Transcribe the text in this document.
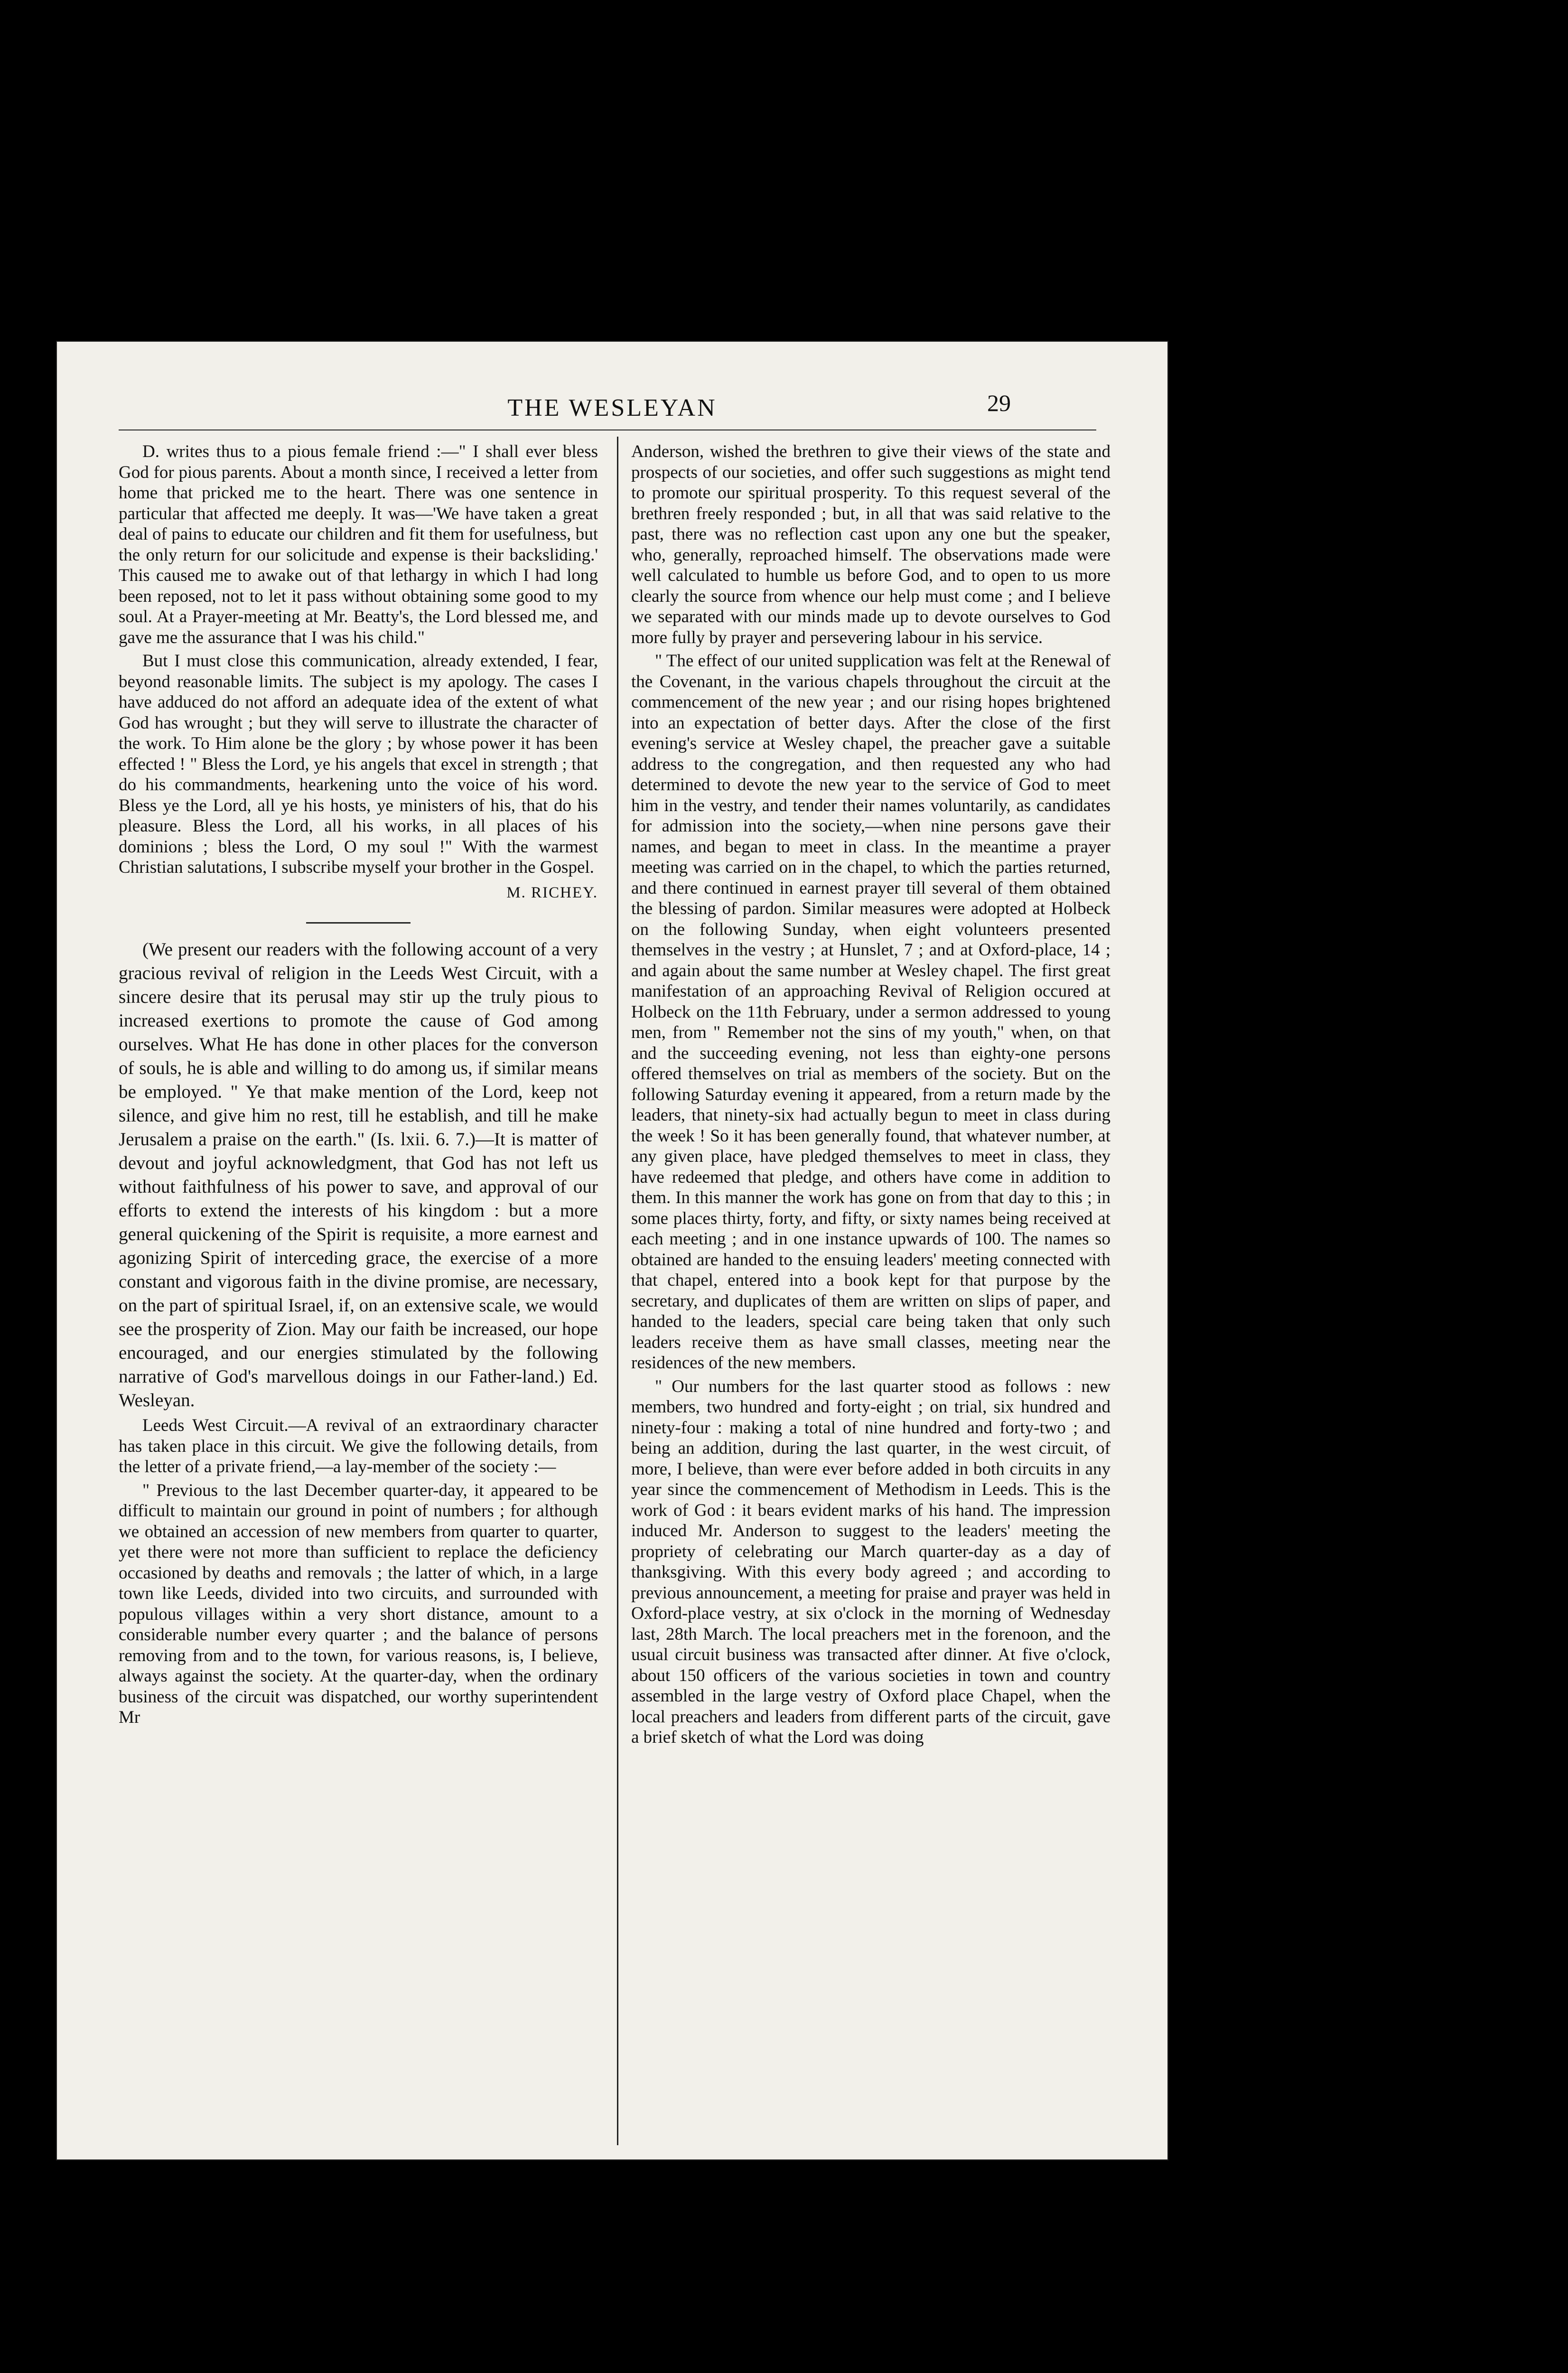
THE WESLEYAN	29

D. writes thus to a pious female friend :—" I shall ever bless God for pious parents. About a month since, I received a letter from home that pricked me to the heart. There was one sentence in particular that affected me deeply. It was—'We have taken a great deal of pains to educate our children and fit them for usefulness, but the only return for our solicitude and expense is their backsliding.' This caused me to awake out of that lethargy in which I had long been reposed, not to let it pass without obtaining some good to my soul. At a Prayer-meeting at Mr. Beatty's, the Lord blessed me, and gave me the assurance that I was his child."

But I must close this communication, already extended, I fear, beyond reasonable limits. The subject is my apology. The cases I have adduced do not afford an adequate idea of the extent of what God has wrought ; but they will serve to illustrate the character of the work. To Him alone be the glory ; by whose power it has been effected ! " Bless the Lord, ye his angels that excel in strength ; that do his commandments, hearkening unto the voice of his word. Bless ye the Lord, all ye his hosts, ye ministers of his, that do his pleasure. Bless the Lord, all his works, in all places of his dominions ; bless the Lord, O my soul !" With the warmest Christian salutations, I subscribe myself your brother in the Gospel.

M. RICHEY.

(We present our readers with the following account of a very gracious revival of religion in the Leeds West Circuit, with a sincere desire that its perusal may stir up the truly pious to increased exertions to promote the cause of God among ourselves. What He has done in other places for the converson of souls, he is able and willing to do among us, if similar means be employed. " Ye that make mention of the Lord, keep not silence, and give him no rest, till he establish, and till he make Jerusalem a praise on the earth." (Is. lxii. 6. 7.)—It is matter of devout and joyful acknowledgment, that God has not left us without faithfulness of his power to save, and approval of our efforts to extend the interests of his kingdom : but a more general quickening of the Spirit is requisite, a more earnest and agonizing Spirit of interceding grace, the exercise of a more constant and vigorous faith in the divine promise, are necessary, on the part of spiritual Israel, if, on an extensive scale, we would see the prosperity of Zion. May our faith be increased, our hope encouraged, and our energies stimulated by the following narrative of God's marvellous doings in our Father-land.) Ed. Wesleyan.

Leeds West Circuit.—A revival of an extraordinary character has taken place in this circuit. We give the following details, from the letter of a private friend,—a lay-member of the society :—

" Previous to the last December quarter-day, it appeared to be difficult to maintain our ground in point of numbers ; for although we obtained an accession of new members from quarter to quarter, yet there were not more than sufficient to replace the deficiency occasioned by deaths and removals ; the latter of which, in a large town like Leeds, divided into two circuits, and surrounded with populous villages within a very short distance, amount to a considerable number every quarter ; and the balance of persons removing from and to the town, for various reasons, is, I believe, always against the society. At the quarter-day, when the ordinary business of the circuit was dispatched, our worthy superintendent Mr

Anderson, wished the brethren to give their views of the state and prospects of our societies, and offer such suggestions as might tend to promote our spiritual prosperity. To this request several of the brethren freely responded ; but, in all that was said relative to the past, there was no reflection cast upon any one but the speaker, who, generally, reproached himself. The observations made were well calculated to humble us before God, and to open to us more clearly the source from whence our help must come ; and I believe we separated with our minds made up to devote ourselves to God more fully by prayer and persevering labour in his service.

" The effect of our united supplication was felt at the Renewal of the Covenant, in the various chapels throughout the circuit at the commencement of the new year ; and our rising hopes brightened into an expectation of better days. After the close of the first evening's service at Wesley chapel, the preacher gave a suitable address to the congregation, and then requested any who had determined to devote the new year to the service of God to meet him in the vestry, and tender their names voluntarily, as candidates for admission into the society,—when nine persons gave their names, and began to meet in class. In the meantime a prayer meeting was carried on in the chapel, to which the parties returned, and there continued in earnest prayer till several of them obtained the blessing of pardon. Similar measures were adopted at Holbeck on the following Sunday, when eight volunteers presented themselves in the vestry ; at Hunslet, 7 ; and at Oxford-place, 14 ; and again about the same number at Wesley chapel. The first great manifestation of an approaching Revival of Religion occured at Holbeck on the 11th February, under a sermon addressed to young men, from " Remember not the sins of my youth," when, on that and the succeeding evening, not less than eighty-one persons offered themselves on trial as members of the society. But on the following Saturday evening it appeared, from a return made by the leaders, that ninety-six had actually begun to meet in class during the week ! So it has been generally found, that whatever number, at any given place, have pledged themselves to meet in class, they have redeemed that pledge, and others have come in addition to them. In this manner the work has gone on from that day to this ; in some places thirty, forty, and fifty, or sixty names being received at each meeting ; and in one instance upwards of 100. The names so obtained are handed to the ensuing leaders' meeting connected with that chapel, entered into a book kept for that purpose by the secretary, and duplicates of them are written on slips of paper, and handed to the leaders, special care being taken that only such leaders receive them as have small classes, meeting near the residences of the new members.

" Our numbers for the last quarter stood as follows : new members, two hundred and forty-eight ; on trial, six hundred and ninety-four : making a total of nine hundred and forty-two ; and being an addition, during the last quarter, in the west circuit, of more, I believe, than were ever before added in both circuits in any year since the commencement of Methodism in Leeds. This is the work of God : it bears evident marks of his hand. The impression induced Mr. Anderson to suggest to the leaders' meeting the propriety of celebrating our March quarter-day as a day of thanksgiving. With this every body agreed ; and according to previous announcement, a meeting for praise and prayer was held in Oxford-place vestry, at six o'clock in the morning of Wednesday last, 28th March. The local preachers met in the forenoon, and the usual circuit business was transacted after dinner. At five o'clock, about 150 officers of the various societies in town and country assembled in the large vestry of Oxford place Chapel, when the local preachers and leaders from different parts of the circuit, gave a brief sketch of what the Lord was doing
